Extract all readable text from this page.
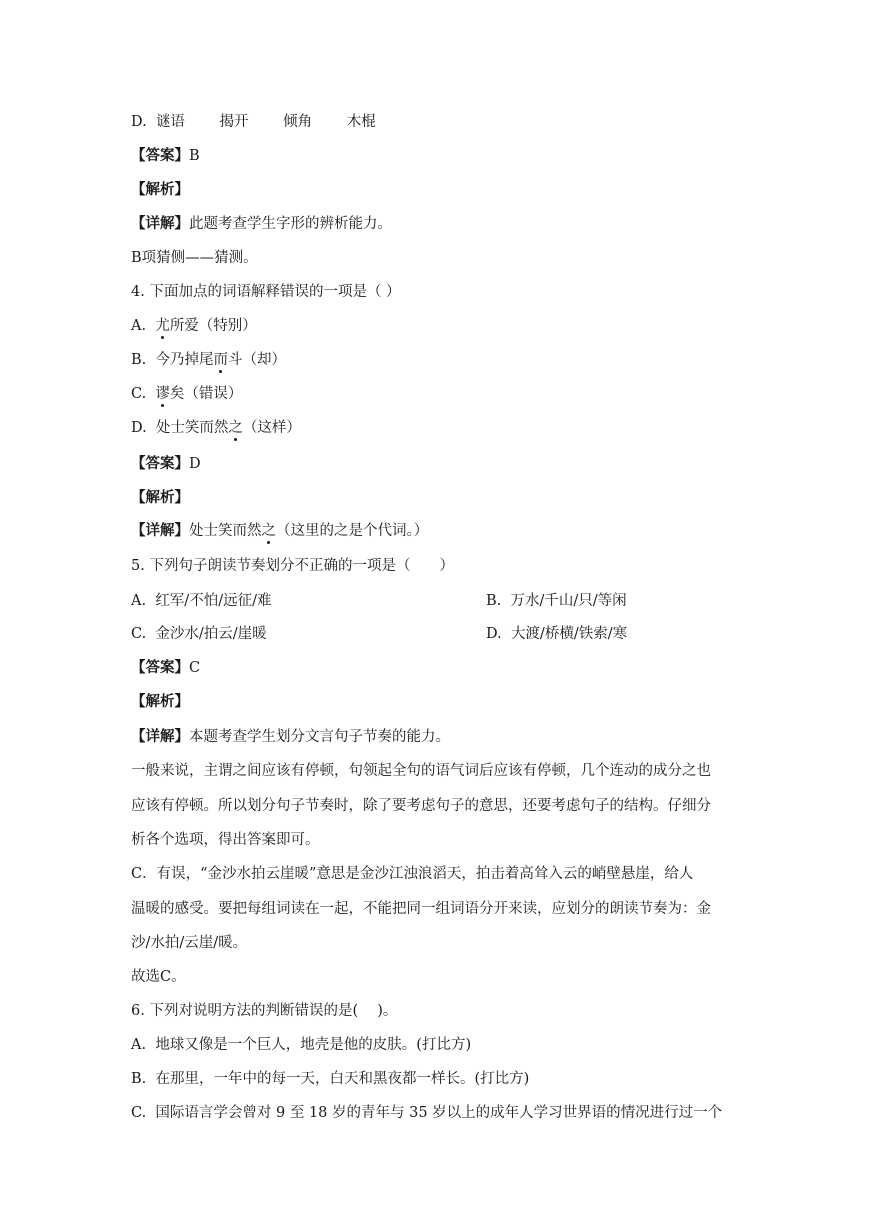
D. 谜语 揭开 倾角 木棍
【答案】B
【解析】
【详解】此题考查学生字形的辨析能力。
B项猜侧——猜测。
4. 下面加点的词语解释错误的一项是（ ）
A. 尤所爱（特别）
B. 今乃掉尾而斗（却）
C. 谬矣（错误）
D. 处士笑而然之（这样）
【答案】D
【解析】
【详解】处士笑而然之（这里的之是个代词。）
5. 下列句子朗读节奏划分不正确的一项是（　　）
A. 红军/不怕/远征/难	B. 万水/千山/只/等闲
C. 金沙水/拍云/崖暖	D. 大渡/桥横/铁索/寒
【答案】C
【解析】
【详解】本题考查学生划分文言句子节奏的能力。
一般来说，主谓之间应该有停顿，句领起全句的语气词后应该有停顿，几个连动的成分之也
应该有停顿。所以划分句子节奏时，除了要考虑句子的意思，还要考虑句子的结构。仔细分
析各个选项，得出答案即可。
C．有误，“金沙水拍云崖暖”意思是金沙江浊浪滔天，拍击着高耸入云的峭壁悬崖，给人
温暖的感受。要把每组词读在一起，不能把同一组词语分开来读，应划分的朗读节奏为：金
沙/水拍/云崖/暖。
故选C。
6. 下列对说明方法的判断错误的是(　 )。
A. 地球又像是一个巨人，地壳是他的皮肤。(打比方)
B. 在那里，一年中的每一天，白天和黑夜都一样长。(打比方)
C. 国际语言学会曾对 9 至 18 岁的青年与 35 岁以上的成年人学习世界语的情况进行过一个
